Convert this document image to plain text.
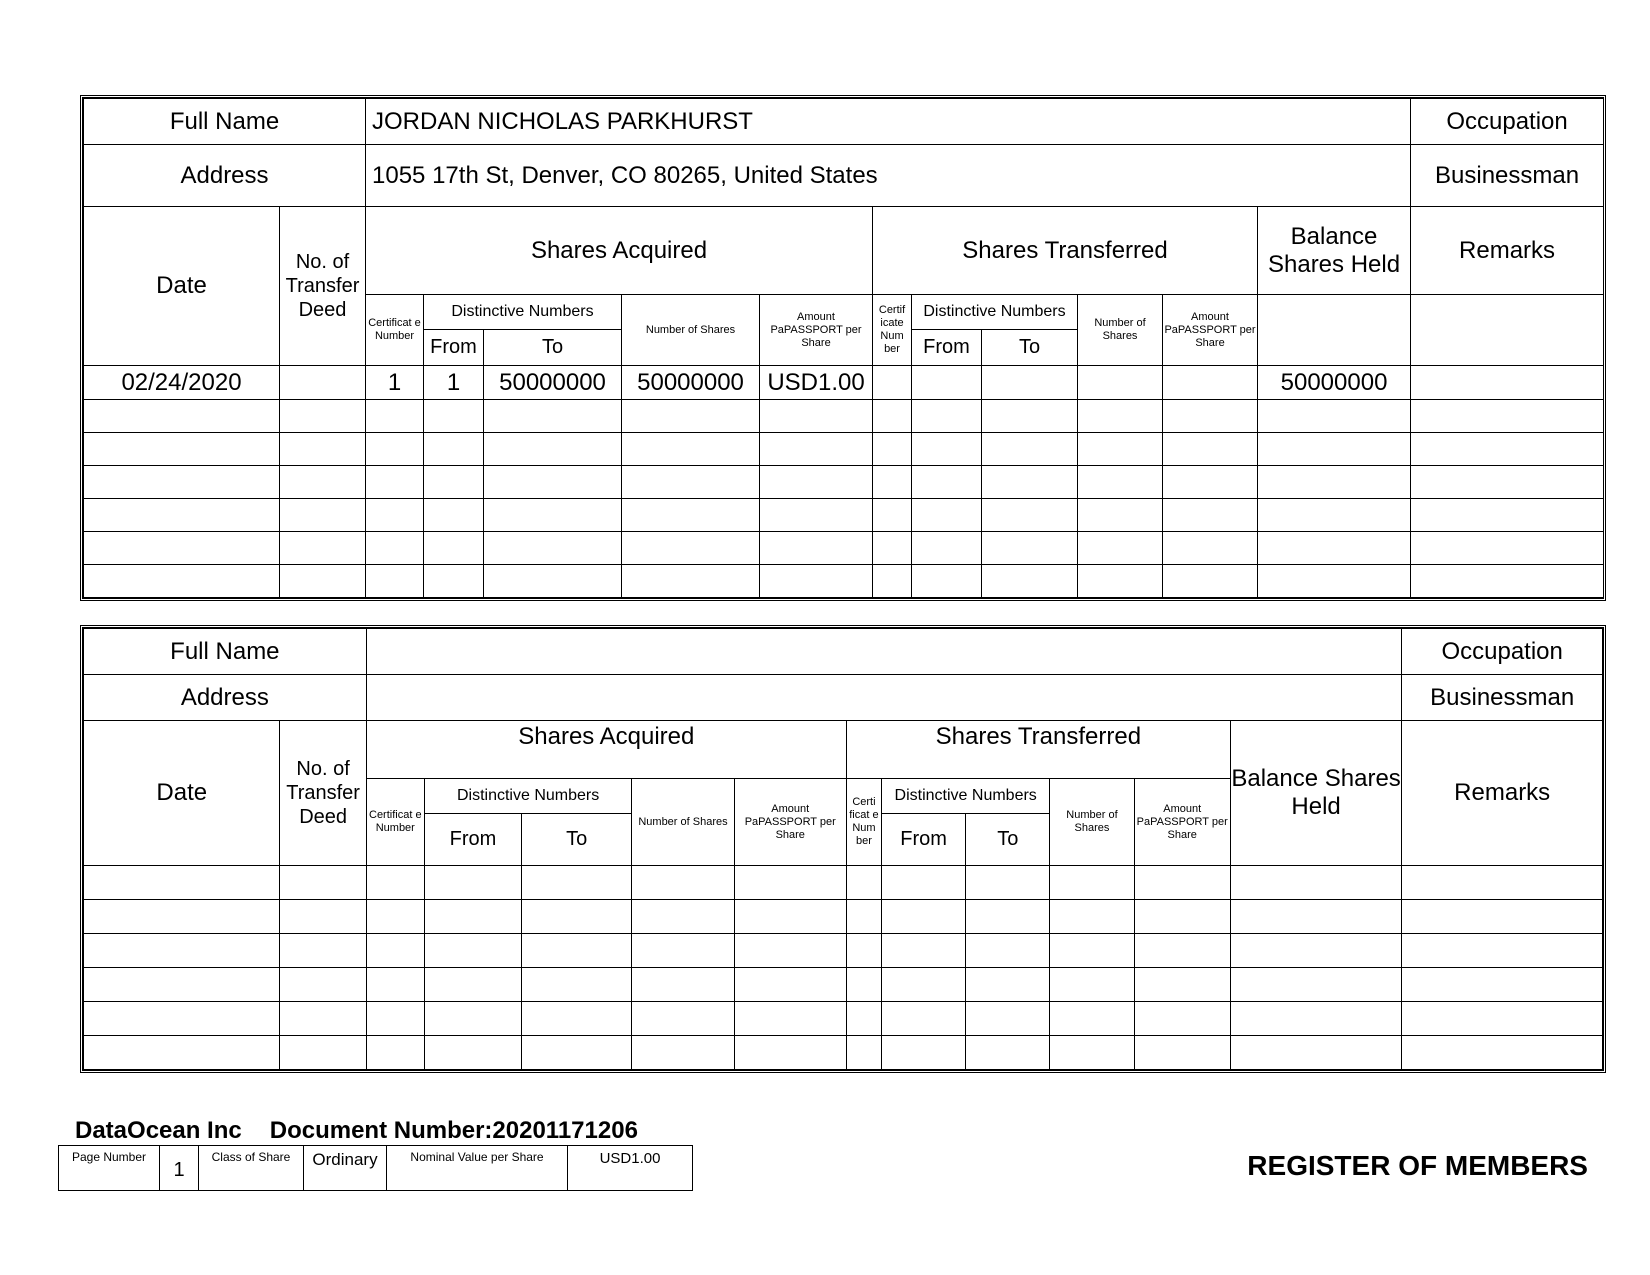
Full Name		JORDAN NICHOLAS PARKHURST											Occupation
Address		1055 17th St, Denver, CO 80265, United States											Businessman
Date	No. of Transfer Deed	Shares Acquired					Shares Transferred					Balance Shares Held	Remarks
		Certificat e Number	Distinctive Numbers		Number of Shares	Amount PaPASSPORT per Share	Certif icate Num ber	Distinctive Numbers		Number of Shares	Amount PaPASSPORT per Share		
			From	To				From	To				
02/24/2020		1	1	50000000	50000000	USD1.00						50000000	

Full Name													Occupation
Address													Businessman
Date	No. of Transfer Deed	Shares Acquired					Shares Transferred					Balance Shares Held	Remarks
		Certificat e Number	Distinctive Numbers		Number of Shares	Amount PaPASSPORT per Share	Certi ficat e Num ber	Distinctive Numbers		Number of Shares	Amount PaPASSPORT per Share		
			From	To				From	To				

DataOcean Inc Document Number:20201171206
Page Number	1	Class of Share	Ordinary	Nominal Value per Share	USD1.00	REGISTER OF MEMBERS
